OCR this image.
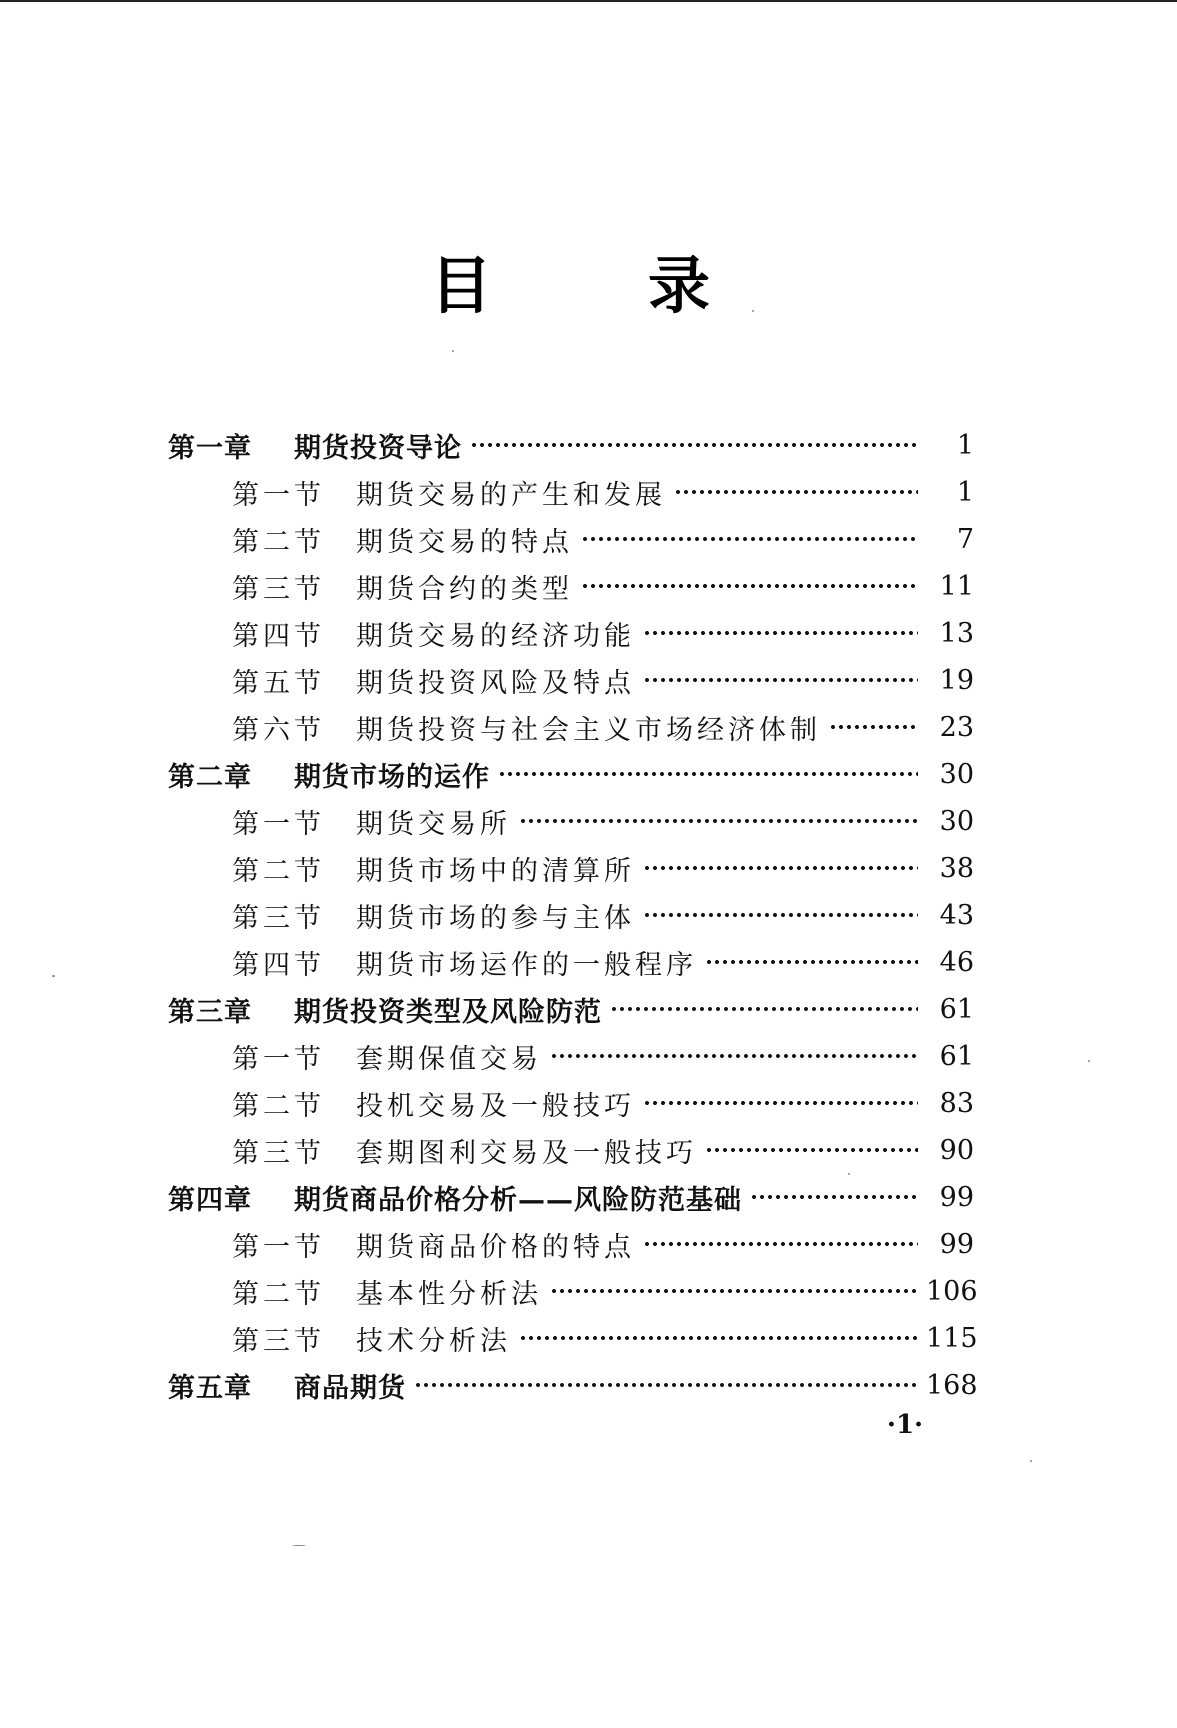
目	录
第一章	期货投资导论	1
第一节	期货交易的产生和发展	1
第二节	期货交易的特点	7
第三节	期货合约的类型	11
第四节	期货交易的经济功能	13
第五节	期货投资风险及特点	19
第六节	期货投资与社会主义市场经济体制	23
第二章	期货市场的运作	30
第一节	期货交易所	30
第二节	期货市场中的清算所	38
第三节	期货市场的参与主体	43
第四节	期货市场运作的一般程序	46
第三章	期货投资类型及风险防范	61
第一节	套期保值交易	61
第二节	投机交易及一般技巧	83
第三节	套期图利交易及一般技巧	90
第四章	期货商品价格分析——风险防范基础	99
第一节	期货商品价格的特点	99
第二节	基本性分析法	106
第三节	技术分析法	115
第五章	商品期货	168
·1·
